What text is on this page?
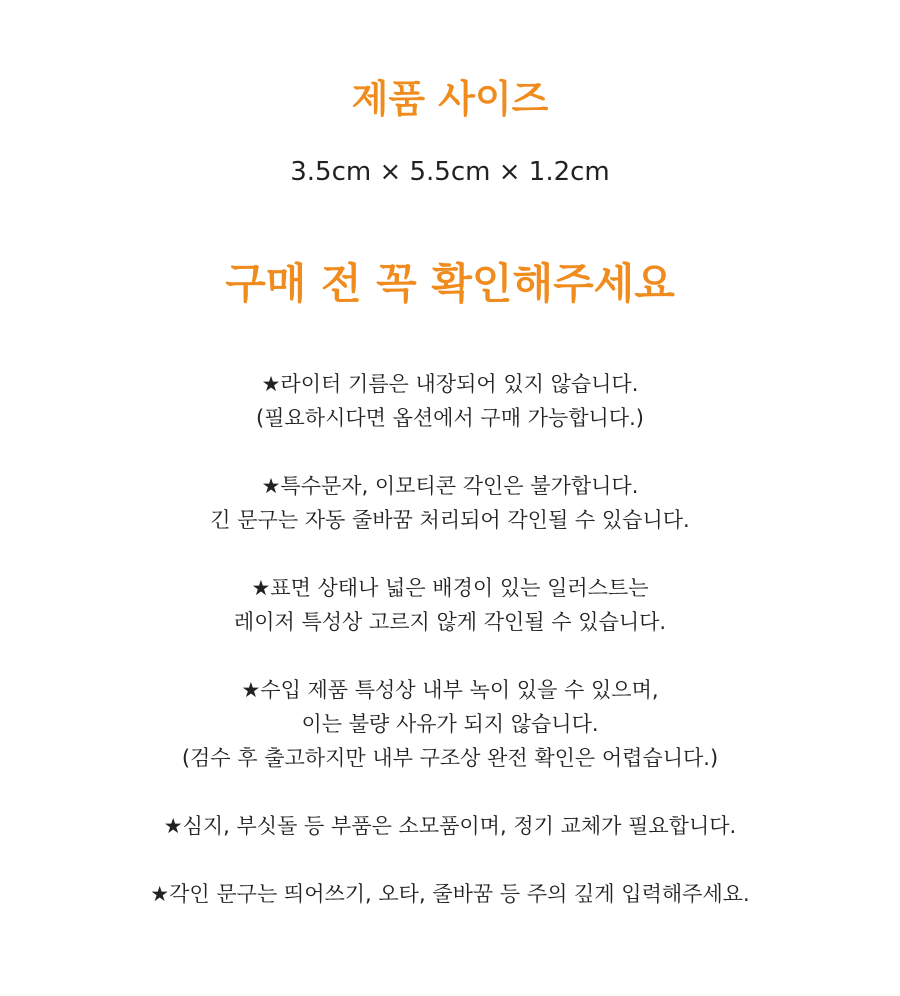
제품 사이즈
3.5cm × 5.5cm × 1.2cm
구매 전 꼭 확인해주세요
★라이터 기름은 내장되어 있지 않습니다.
(필요하시다면 옵션에서 구매 가능합니다.)
★특수문자, 이모티콘 각인은 불가합니다.
긴 문구는 자동 줄바꿈 처리되어 각인될 수 있습니다.
★표면 상태나 넓은 배경이 있는 일러스트는
레이저 특성상 고르지 않게 각인될 수 있습니다.
★수입 제품 특성상 내부 녹이 있을 수 있으며,
이는 불량 사유가 되지 않습니다.
(검수 후 출고하지만 내부 구조상 완전 확인은 어렵습니다.)
★심지, 부싯돌 등 부품은 소모품이며, 정기 교체가 필요합니다.
★각인 문구는 띄어쓰기, 오타, 줄바꿈 등 주의 깊게 입력해주세요.
